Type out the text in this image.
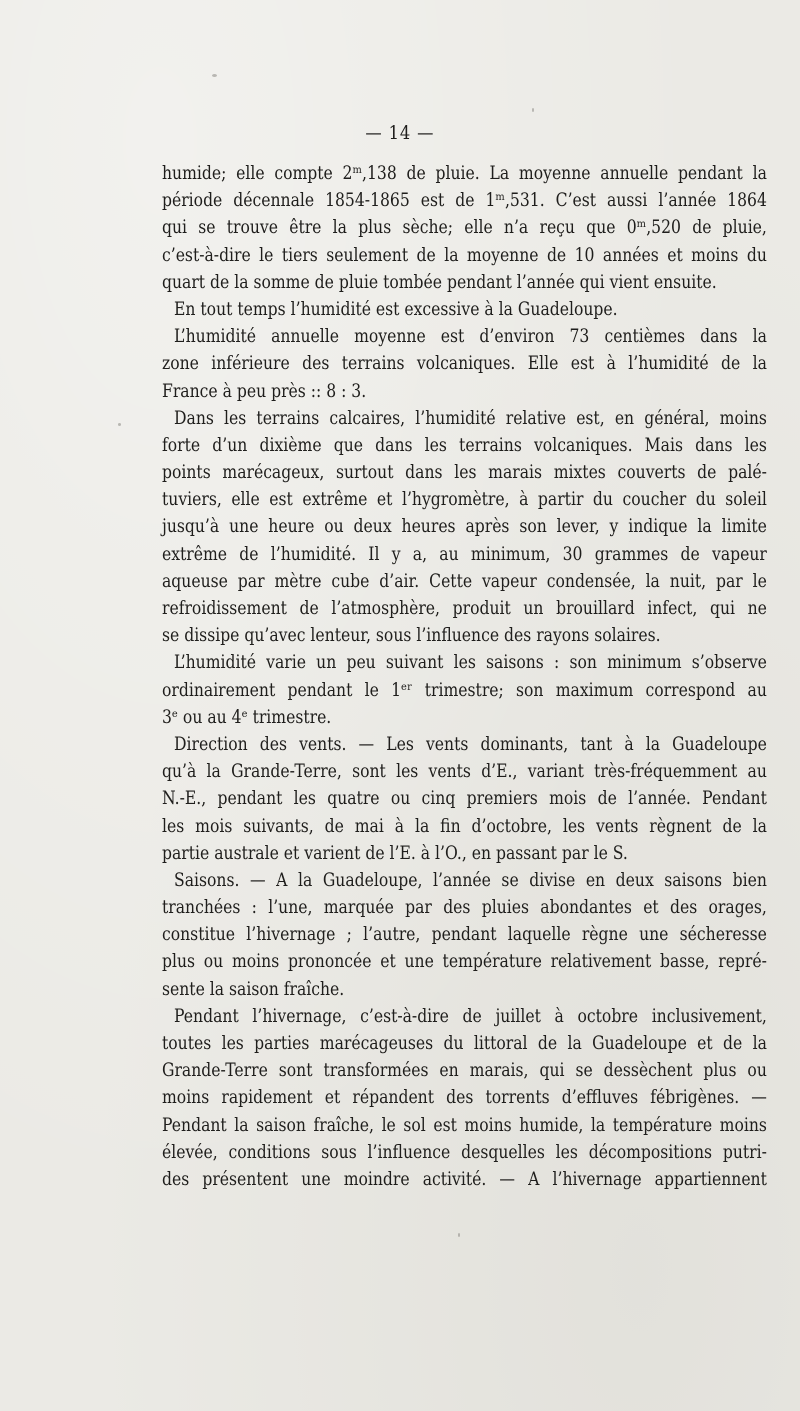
— 14 —
humide; elle compte 2ᵐ,138 de pluie. La moyenne annuelle pendant la
période décennale 1854-1865 est de 1ᵐ,531. C’est aussi l’année 1864
qui se trouve être la plus sèche; elle n’a reçu que 0ᵐ,520 de pluie,
c’est-à-dire le tiers seulement de la moyenne de 10 années et moins du
quart de la somme de pluie tombée pendant l’année qui vient ensuite.
En tout temps l’humidité est excessive à la Guadeloupe.
L’humidité annuelle moyenne est d’environ 73 centièmes dans la
zone inférieure des terrains volcaniques. Elle est à l’humidité de la
France à peu près :: 8 : 3.
Dans les terrains calcaires, l’humidité relative est, en général, moins
forte d’un dixième que dans les terrains volcaniques. Mais dans les
points marécageux, surtout dans les marais mixtes couverts de palé-
tuviers, elle est extrême et l’hygromètre, à partir du coucher du soleil
jusqu’à une heure ou deux heures après son lever, y indique la limite
extrême de l’humidité. Il y a, au minimum, 30 grammes de vapeur
aqueuse par mètre cube d’air. Cette vapeur condensée, la nuit, par le
refroidissement de l’atmosphère, produit un brouillard infect, qui ne
se dissipe qu’avec lenteur, sous l’influence des rayons solaires.
L’humidité varie un peu suivant les saisons : son minimum s’observe
ordinairement pendant le 1ᵉʳ trimestre; son maximum correspond au
3ᵉ ou au 4ᵉ trimestre.
Direction des vents. — Les vents dominants, tant à la Guadeloupe
qu’à la Grande-Terre, sont les vents d’E., variant très-fréquemment au
N.-E., pendant les quatre ou cinq premiers mois de l’année. Pendant
les mois suivants, de mai à la fin d’octobre, les vents règnent de la
partie australe et varient de l’E. à l’O., en passant par le S.
Saisons. — A la Guadeloupe, l’année se divise en deux saisons bien
tranchées : l’une, marquée par des pluies abondantes et des orages,
constitue l’hivernage ; l’autre, pendant laquelle règne une sécheresse
plus ou moins prononcée et une température relativement basse, repré-
sente la saison fraîche.
Pendant l’hivernage, c’est-à-dire de juillet à octobre inclusivement,
toutes les parties marécageuses du littoral de la Guadeloupe et de la
Grande-Terre sont transformées en marais, qui se dessèchent plus ou
moins rapidement et répandent des torrents d’effluves fébrigènes. —
Pendant la saison fraîche, le sol est moins humide, la température moins
élevée, conditions sous l’influence desquelles les décompositions putri-
des présentent une moindre activité. — A l’hivernage appartiennent
